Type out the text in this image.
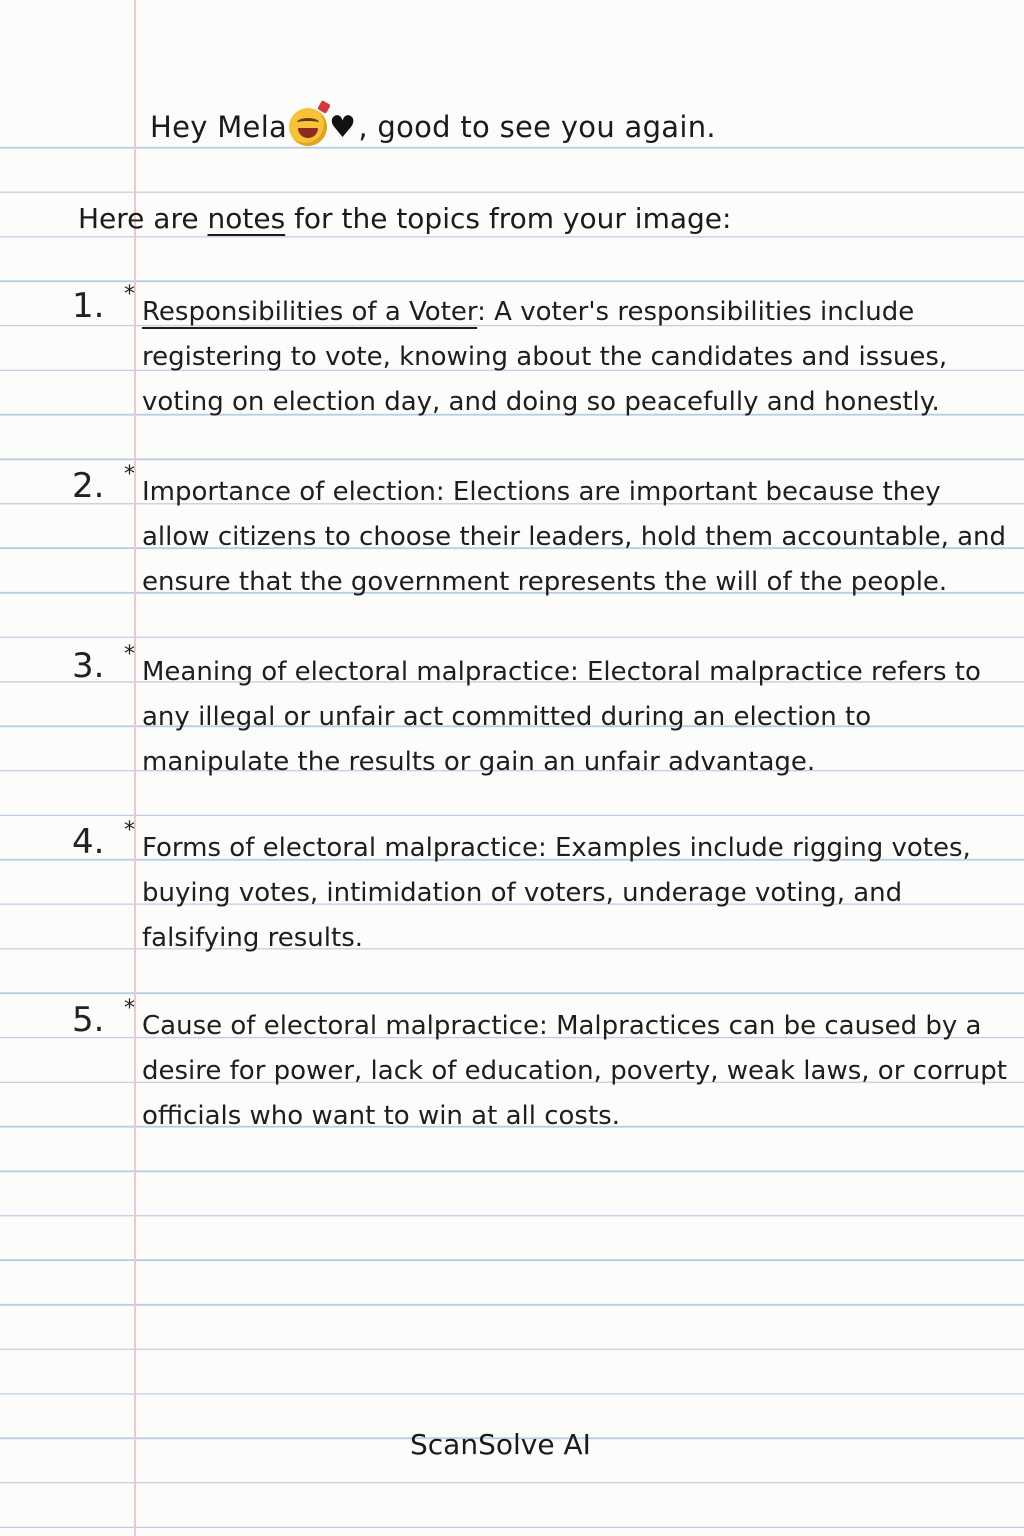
Hey Mela ♥ , good to see you again.
Here are notes for the topics from your image:
1. *
Responsibilities of a Voter: A voter's responsibilities include registering to vote, knowing about the candidates and issues, voting on election day, and doing so peacefully and honestly.
2. *
Importance of election: Elections are important because they allow citizens to choose their leaders, hold them accountable, and ensure that the government represents the will of the people.
3. *
Meaning of electoral malpractice: Electoral malpractice refers to any illegal or unfair act committed during an election to manipulate the results or gain an unfair advantage.
4. *
Forms of electoral malpractice: Examples include rigging votes, buying votes, intimidation of voters, underage voting, and falsifying results.
5. *
Cause of electoral malpractice: Malpractices can be caused by a desire for power, lack of education, poverty, weak laws, or corrupt officials who want to win at all costs.
ScanSolve AI
